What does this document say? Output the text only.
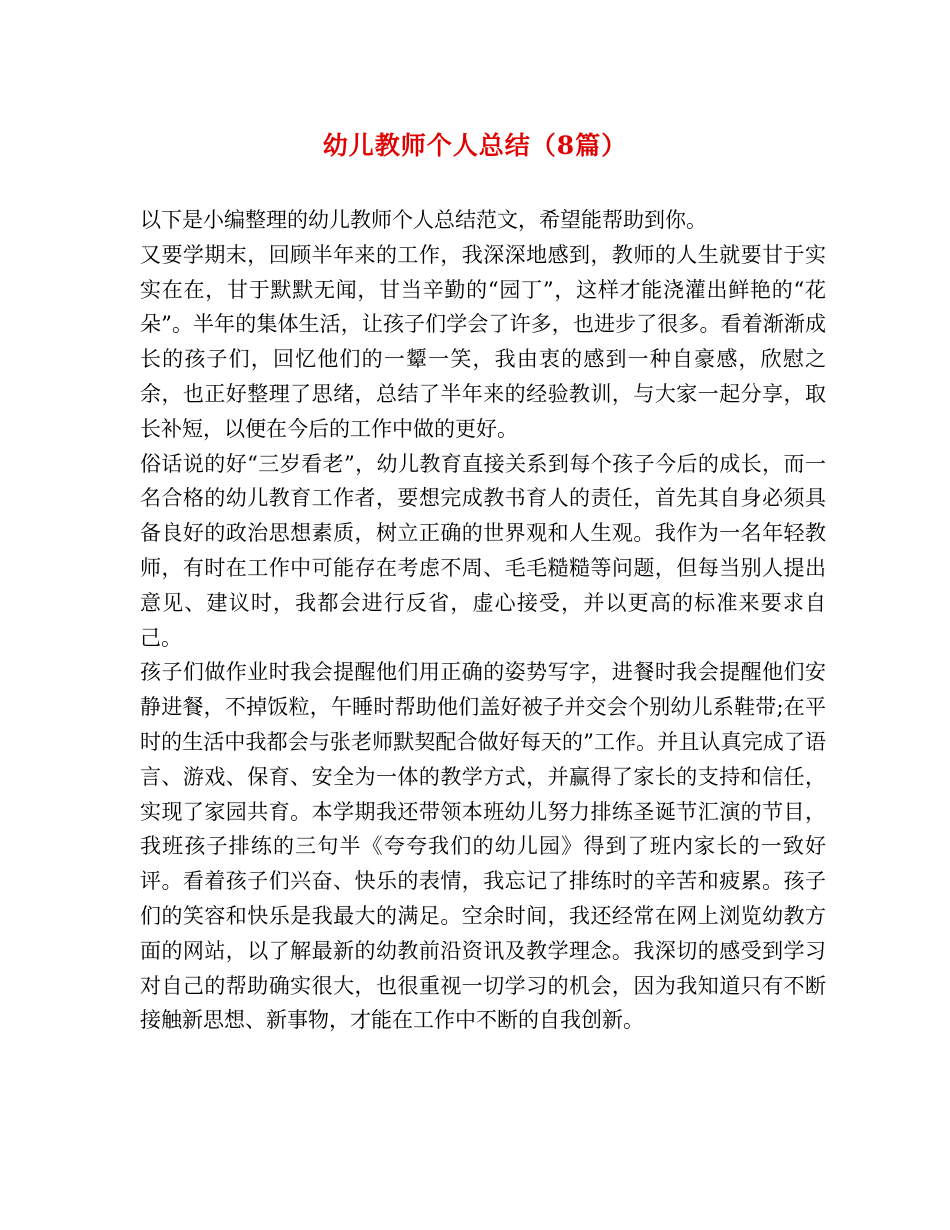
幼儿教师个人总结（8篇）

以下是小编整理的幼儿教师个人总结范文，希望能帮助到你。

又要学期末，回顾半年来的工作，我深深地感到，教师的人生就要甘于实实在在，甘于默默无闻，甘当辛勤的“园丁”，这样才能浇灌出鲜艳的“花朵”。半年的集体生活，让孩子们学会了许多，也进步了很多。看着渐渐成长的孩子们，回忆他们的一颦一笑，我由衷的感到一种自豪感，欣慰之余，也正好整理了思绪，总结了半年来的经验教训，与大家一起分享，取长补短，以便在今后的工作中做的更好。

俗话说的好“三岁看老”，幼儿教育直接关系到每个孩子今后的成长，而一名合格的幼儿教育工作者，要想完成教书育人的责任，首先其自身必须具备良好的政治思想素质，树立正确的世界观和人生观。我作为一名年轻教师，有时在工作中可能存在考虑不周、毛毛糙糙等问题，但每当别人提出意见、建议时，我都会进行反省，虚心接受，并以更高的标准来要求自己。

孩子们做作业时我会提醒他们用正确的姿势写字，进餐时我会提醒他们安静进餐，不掉饭粒，午睡时帮助他们盖好被子并交会个别幼儿系鞋带;在平时的生活中我都会与张老师默契配合做好每天的”工作。并且认真完成了语言、游戏、保育、安全为一体的教学方式，并赢得了家长的支持和信任，实现了家园共育。本学期我还带领本班幼儿努力排练圣诞节汇演的节目，我班孩子排练的三句半《夸夸我们的幼儿园》得到了班内家长的一致好评。看着孩子们兴奋、快乐的表情，我忘记了排练时的辛苦和疲累。孩子们的笑容和快乐是我最大的满足。空余时间，我还经常在网上浏览幼教方面的网站，以了解最新的幼教前沿资讯及教学理念。我深切的感受到学习对自己的帮助确实很大，也很重视一切学习的机会，因为我知道只有不断接触新思想、新事物，才能在工作中不断的自我创新。
